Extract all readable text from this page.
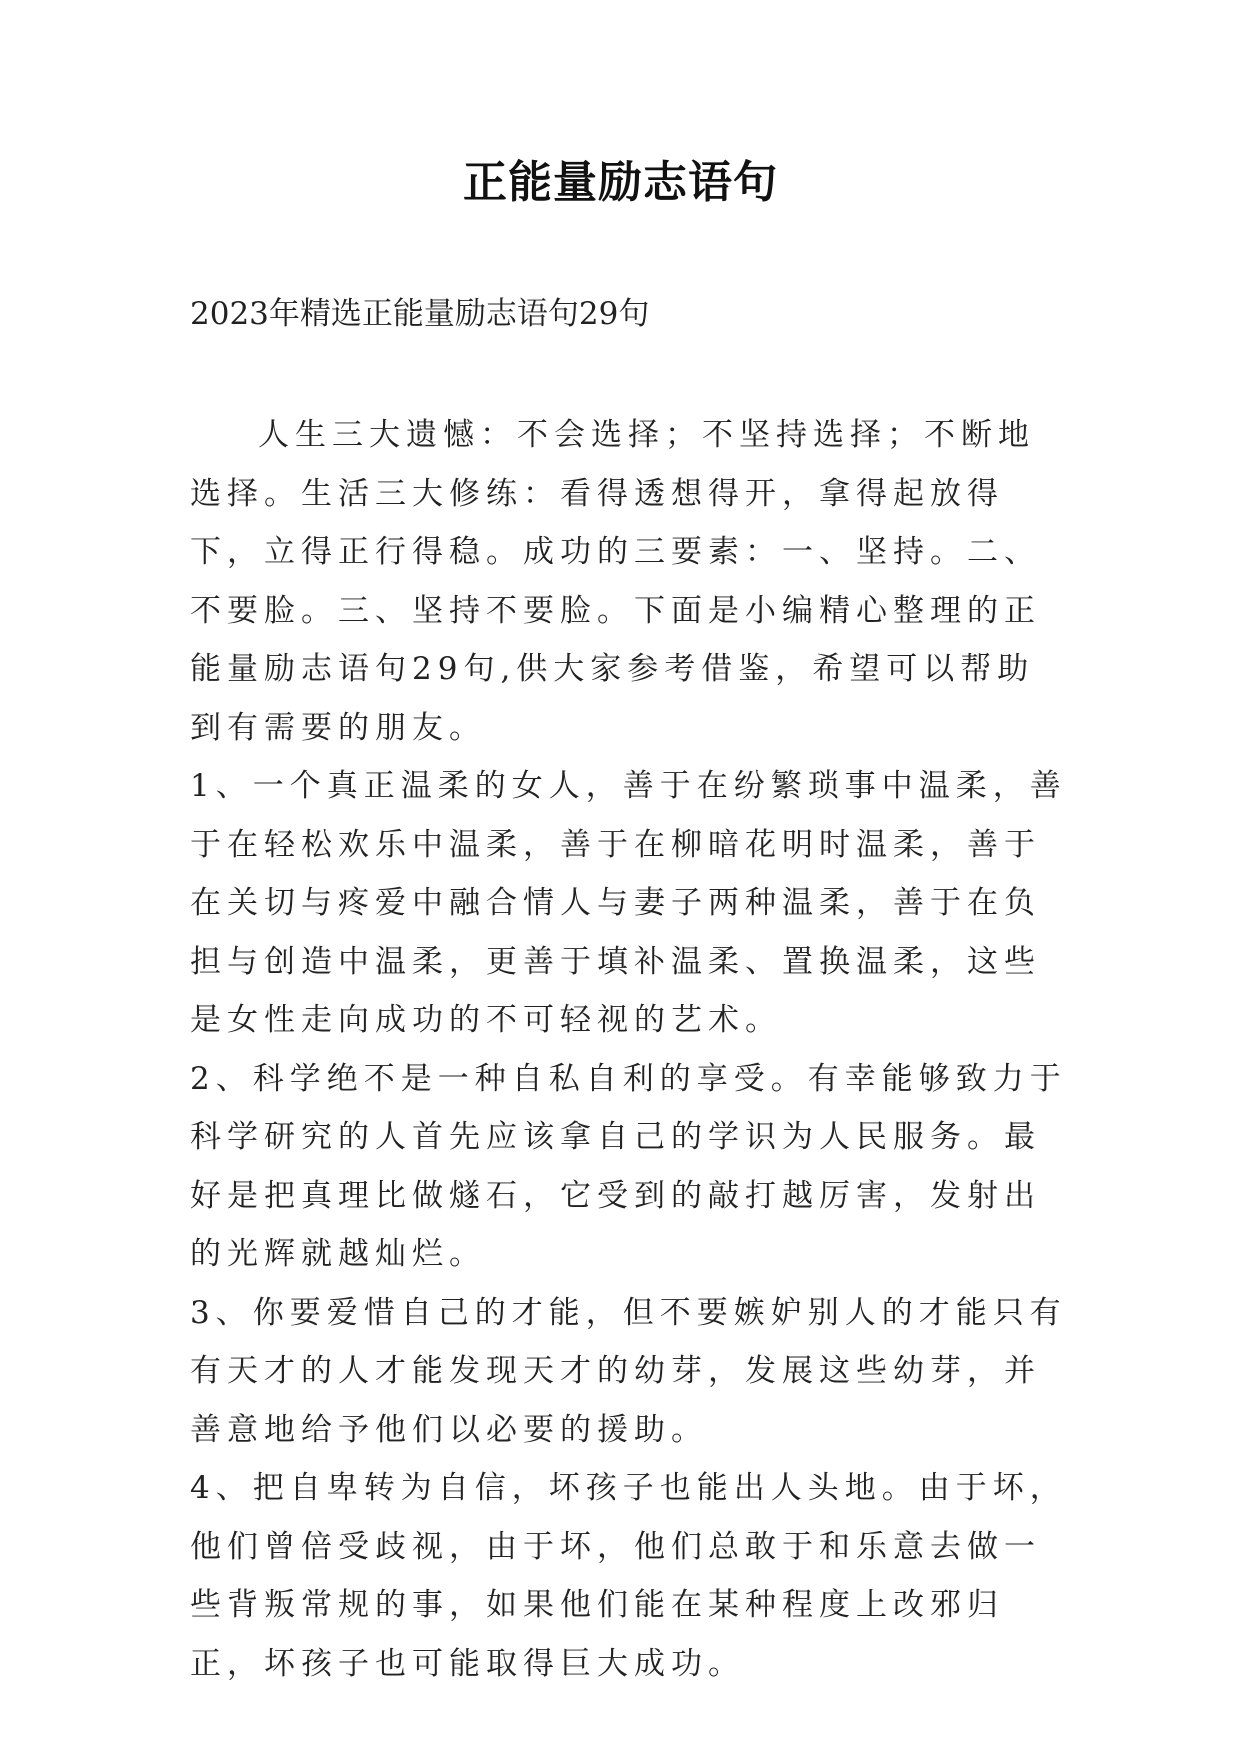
正能量励志语句
2023年精选正能量励志语句29句

人生三大遗憾：不会选择；不坚持选择；不断地选择。生活三大修练：看得透想得开，拿得起放得下，立得正行得稳。成功的三要素：一、坚持。二、不要脸。三、坚持不要脸。下面是小编精心整理的正能量励志语句29句,供大家参考借鉴，希望可以帮助到有需要的朋友。

1、一个真正温柔的女人，善于在纷繁琐事中温柔，善于在轻松欢乐中温柔，善于在柳暗花明时温柔，善于在关切与疼爱中融合情人与妻子两种温柔，善于在负担与创造中温柔，更善于填补温柔、置换温柔，这些是女性走向成功的不可轻视的艺术。

2、科学绝不是一种自私自利的享受。有幸能够致力于科学研究的人首先应该拿自己的学识为人民服务。最好是把真理比做燧石，它受到的敲打越厉害，发射出的光辉就越灿烂。

3、你要爱惜自己的才能，但不要嫉妒别人的才能只有有天才的人才能发现天才的幼芽，发展这些幼芽，并善意地给予他们以必要的援助。

4、把自卑转为自信，坏孩子也能出人头地。由于坏，他们曾倍受歧视，由于坏，他们总敢于和乐意去做一些背叛常规的事，如果他们能在某种程度上改邪归正，坏孩子也可能取得巨大成功。
